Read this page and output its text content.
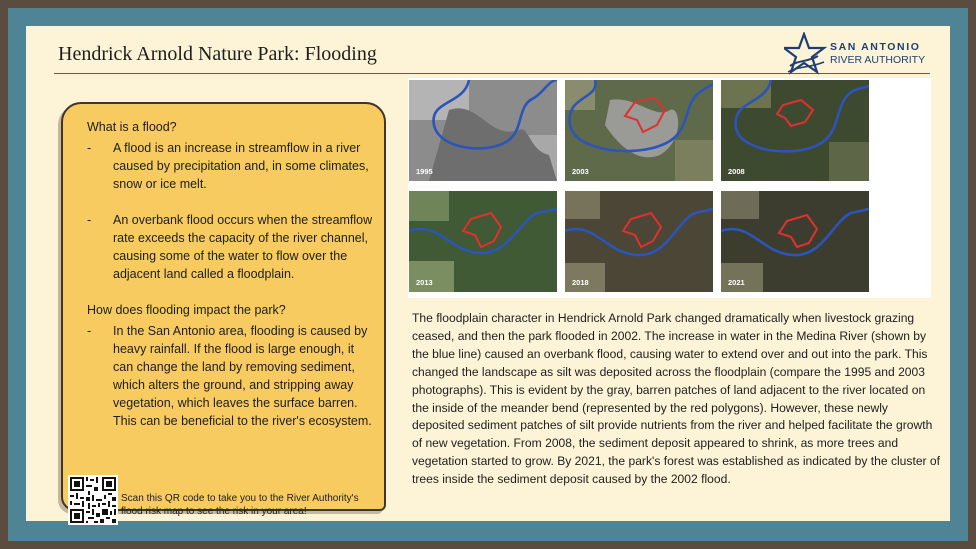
Hendrick Arnold Nature Park: Flooding	SAN ANTONIO
RIVER AUTHORITY
What is a flood?
-	A flood is an increase in streamflow in a river caused by precipitation and, in some climates, snow or ice melt.
-	An overbank flood occurs when the streamflow rate exceeds the capacity of the river channel, causing some of the water to flow over the adjacent land called a floodplain.
How does flooding impact the park?
-	In the San Antonio area, flooding is caused by heavy rainfall. If the flood is large enough, it can change the land by removing sediment, which alters the ground, and stripping away vegetation, which leaves the surface barren. This can be beneficial to the river's ecosystem.
Scan this QR code to take you to the River Authority's flood risk map to see the risk in your area!
1995	2003	2008
2013	2018	2021
The floodplain character in Hendrick Arnold Park changed dramatically when livestock grazing ceased, and then the park flooded in 2002. The increase in water in the Medina River (shown by the blue line) caused an overbank flood, causing water to extend over and out into the park. This changed the landscape as silt was deposited across the floodplain (compare the 1995 and 2003 photographs). This is evident by the gray, barren patches of land adjacent to the river located on the inside of the meander bend (represented by the red polygons). However, these newly deposited sediment patches of silt provide nutrients from the river and helped facilitate the growth of new vegetation. From 2008, the sediment deposit appeared to shrink, as more trees and vegetation started to grow. By 2021, the park's forest was established as indicated by the cluster of trees inside the sediment deposit caused by the 2002 flood.
